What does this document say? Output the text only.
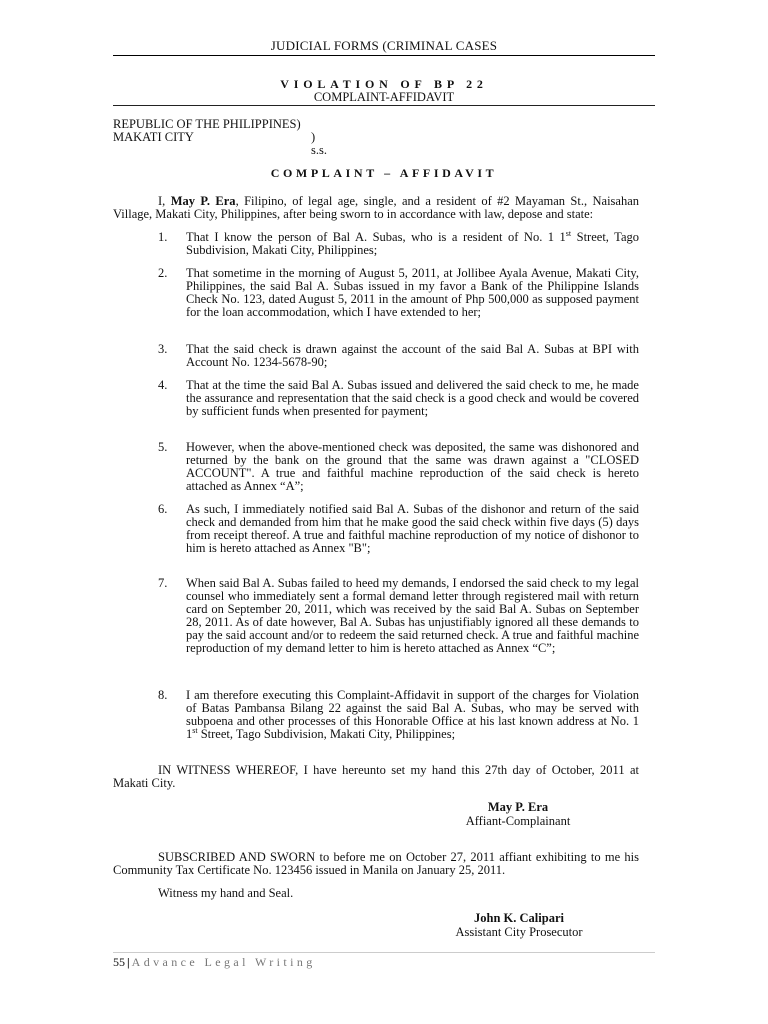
JUDICIAL FORMS (CRIMINAL CASES
VIOLATION OF BP 22
COMPLAINT-AFFIDAVIT
REPUBLIC OF THE PHILIPPINES)
MAKATI CITY	) s.s.
COMPLAINT – AFFIDAVIT
I, May P. Era, Filipino, of legal age, single, and a resident of #2 Mayaman St., Naisahan Village, Makati City, Philippines, after being sworn to in accordance with law, depose and state:
1. That I know the person of Bal A. Subas, who is a resident of No. 1 1st Street, Tago Subdivision, Makati City, Philippines;
2. That sometime in the morning of August 5, 2011, at Jollibee Ayala Avenue, Makati City, Philippines, the said Bal A. Subas issued in my favor a Bank of the Philippine Islands Check No. 123, dated August 5, 2011 in the amount of Php 500,000 as supposed payment for the loan accommodation, which I have extended to her;
3. That the said check is drawn against the account of the said Bal A. Subas at BPI with Account No. 1234-5678-90;
4. That at the time the said Bal A. Subas issued and delivered the said check to me, he made the assurance and representation that the said check is a good check and would be covered by sufficient funds when presented for payment;
5. However, when the above-mentioned check was deposited, the same was dishonored and returned by the bank on the ground that the same was drawn against a "CLOSED ACCOUNT". A true and faithful machine reproduction of the said check is hereto attached as Annex “A”;
6. As such, I immediately notified said Bal A. Subas of the dishonor and return of the said check and demanded from him that he make good the said check within five days (5) days from receipt thereof. A true and faithful machine reproduction of my notice of dishonor to him is hereto attached as Annex "B";
7. When said Bal A. Subas failed to heed my demands, I endorsed the said check to my legal counsel who immediately sent a formal demand letter through registered mail with return card on September 20, 2011, which was received by the said Bal A. Subas on September 28, 2011. As of date however, Bal A. Subas has unjustifiably ignored all these demands to pay the said account and/or to redeem the said returned check. A true and faithful machine reproduction of my demand letter to him is hereto attached as Annex “C”;
8. I am therefore executing this Complaint-Affidavit in support of the charges for Violation of Batas Pambansa Bilang 22 against the said Bal A. Subas, who may be served with subpoena and other processes of this Honorable Office at his last known address at No. 1 1st Street, Tago Subdivision, Makati City, Philippines;
IN WITNESS WHEREOF, I have hereunto set my hand this 27th day of October, 2011 at Makati City.
May P. Era
Affiant-Complainant
SUBSCRIBED AND SWORN to before me on October 27, 2011 affiant exhibiting to me his Community Tax Certificate No. 123456 issued in Manila on January 25, 2011.
Witness my hand and Seal.
John K. Calipari
Assistant City Prosecutor
55 | Advance Legal Writing
